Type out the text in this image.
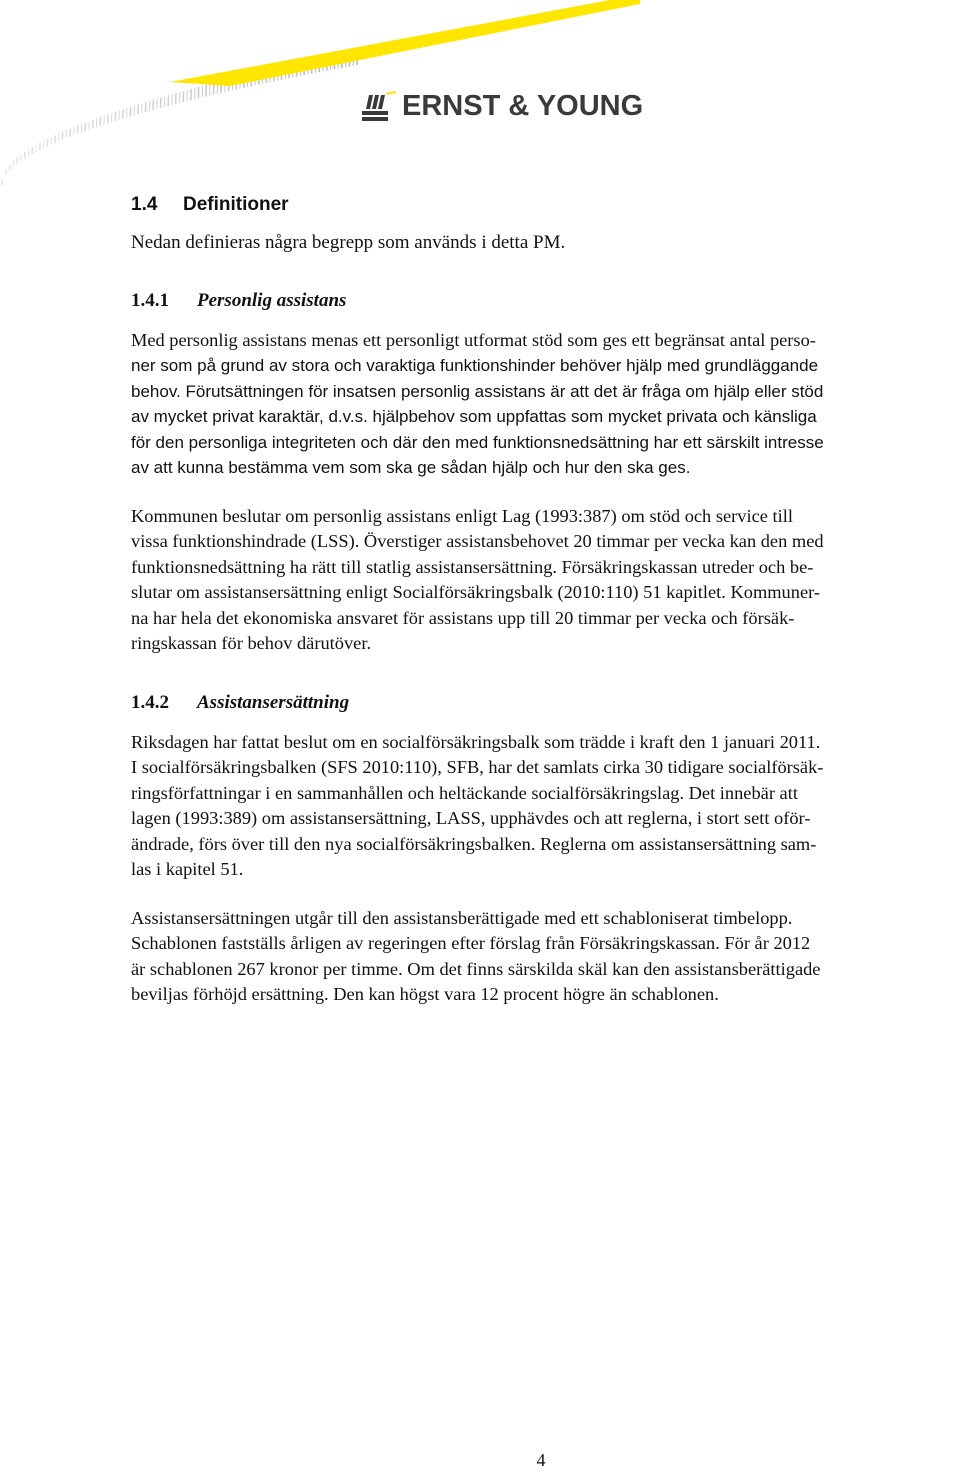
ERNST & YOUNG
1.4 Definitioner

Nedan definieras några begrepp som används i detta PM.

1.4.1 Personlig assistans

Med personlig assistans menas ett personligt utformat stöd som ges ett begränsat antal perso-
ner som på grund av stora och varaktiga funktionshinder behöver hjälp med grundläggande
behov. Förutsättningen för insatsen personlig assistans är att det är fråga om hjälp eller stöd
av mycket privat karaktär, d.v.s. hjälpbehov som uppfattas som mycket privata och känsliga
för den personliga integriteten och där den med funktionsnedsättning har ett särskilt intresse
av att kunna bestämma vem som ska ge sådan hjälp och hur den ska ges.

Kommunen beslutar om personlig assistans enligt Lag (1993:387) om stöd och service till
vissa funktionshindrade (LSS). Överstiger assistansbehovet 20 timmar per vecka kan den med
funktionsnedsättning ha rätt till statlig assistansersättning. Försäkringskassan utreder och be-
slutar om assistansersättning enligt Socialförsäkringsbalk (2010:110) 51 kapitlet. Kommuner-
na har hela det ekonomiska ansvaret för assistans upp till 20 timmar per vecka och försäk-
ringskassan för behov därutöver.

1.4.2 Assistansersättning

Riksdagen har fattat beslut om en socialförsäkringsbalk som trädde i kraft den 1 januari 2011.
I socialförsäkringsbalken (SFS 2010:110), SFB, har det samlats cirka 30 tidigare socialförsäk-
ringsförfattningar i en sammanhållen och heltäckande socialförsäkringslag. Det innebär att
lagen (1993:389) om assistansersättning, LASS, upphävdes och att reglerna, i stort sett oför-
ändrade, förs över till den nya socialförsäkringsbalken. Reglerna om assistansersättning sam-
las i kapitel 51.

Assistansersättningen utgår till den assistansberättigade med ett schabloniserat timbelopp.
Schablonen fastställs årligen av regeringen efter förslag från Försäkringskassan. För år 2012
är schablonen 267 kronor per timme. Om det finns särskilda skäl kan den assistansberättigade
beviljas förhöjd ersättning. Den kan högst vara 12 procent högre än schablonen.

4
